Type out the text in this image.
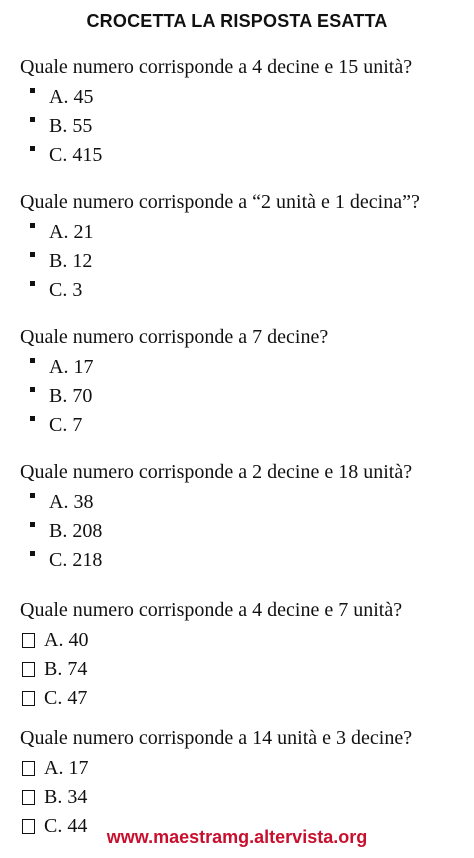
CROCETTA LA RISPOSTA ESATTA
Quale numero corrisponde a 4 decine e 15 unità?
A. 45
B. 55
C. 415
Quale numero corrisponde a “2 unità e 1 decina”?
A. 21
B. 12
C. 3
Quale numero corrisponde a 7 decine?
A. 17
B. 70
C. 7
Quale numero corrisponde a 2 decine e 18 unità?
A. 38
B. 208
C. 218
Quale numero corrisponde a 4 decine e 7 unità?
A. 40
B. 74
C. 47
Quale numero corrisponde a 14 unità e 3 decine?
A. 17
B. 34
C. 44	www.maestramg.altervista.org
